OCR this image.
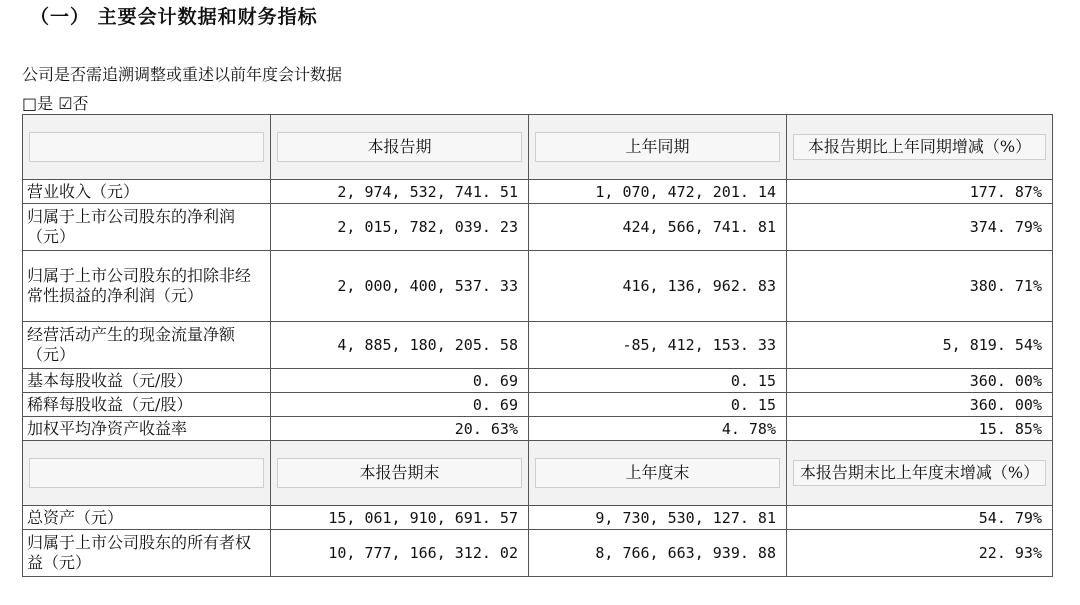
（一） 主要会计数据和财务指标
公司是否需追溯调整或重述以前年度会计数据
□是 ☑否

	本报告期	上年同期	本报告期比上年同期增减（%）

营业收入（元）	2, 974, 532, 741. 51	1, 070, 472, 201. 14	177. 87%
归属于上市公司股东的净利润（元）	2, 015, 782, 039. 23	424, 566, 741. 81	374. 79%
归属于上市公司股东的扣除非经常性损益的净利润（元）	2, 000, 400, 537. 33	416, 136, 962. 83	380. 71%
经营活动产生的现金流量净额（元）	4, 885, 180, 205. 58	-85, 412, 153. 33	5, 819. 54%
基本每股收益（元/股）	0. 69	0. 15	360. 00%
稀释每股收益（元/股）	0. 69	0. 15	360. 00%
加权平均净资产收益率	20. 63%	4. 78%	15. 85%

	本报告期末	上年度末	本报告期末比上年度末增减（%）

总资产（元）	15, 061, 910, 691. 57	9, 730, 530, 127. 81	54. 79%
归属于上市公司股东的所有者权益（元）	10, 777, 166, 312. 02	8, 766, 663, 939. 88	22. 93%
